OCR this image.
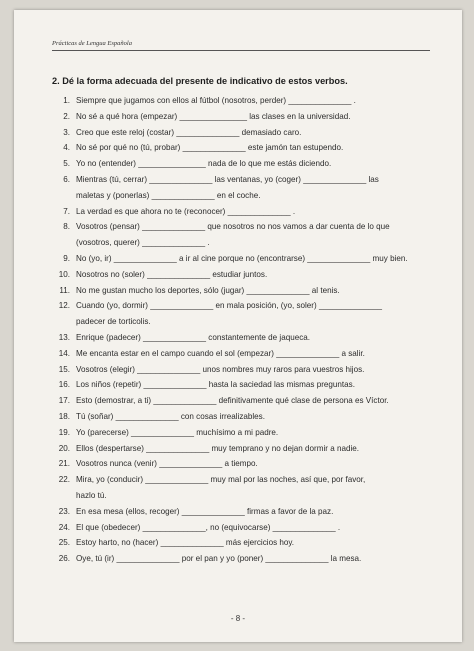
Prácticas de Lengua Española
2. Dé la forma adecuada del presente de indicativo de estos verbos.
1. Siempre que jugamos con ellos al fútbol (nosotros, perder) ______________ .
2. No sé a qué hora (empezar) _______________ las clases en la universidad.
3. Creo que este reloj (costar) ______________ demasiado caro.
4. No sé por qué no (tú, probar) ______________ este jamón tan estupendo.
5. Yo no (entender) _______________ nada de lo que me estás diciendo.
6. Mientras (tú, cerrar) ______________ las ventanas, yo (coger) ______________ las
maletas y (ponerlas) ______________ en el coche.
7. La verdad es que ahora no te (reconocer) ______________ .
8. Vosotros (pensar) ______________ que nosotros no nos vamos a dar cuenta de lo que
(vosotros, querer) ______________ .
9. No (yo, ir) ______________ a ir al cine porque no (encontrarse) ______________ muy bien.
10. Nosotros no (soler) ______________ estudiar juntos.
11. No me gustan mucho los deportes, sólo (jugar) ______________ al tenis.
12. Cuando (yo, dormir) ______________ en mala posición, (yo, soler) ______________
padecer de torticolis.
13. Enrique (padecer) ______________ constantemente de jaqueca.
14. Me encanta estar en el campo cuando el sol (empezar) ______________ a salir.
15. Vosotros (elegir) ______________ unos nombres muy raros para vuestros hijos.
16. Los niños (repetir) ______________ hasta la saciedad las mismas preguntas.
17. Esto (demostrar, a ti) ______________ definitivamente qué clase de persona es Víctor.
18. Tú (soñar) ______________ con cosas irrealizables.
19. Yo (parecerse) ______________ muchísimo a mi padre.
20. Ellos (despertarse) ______________ muy temprano y no dejan dormir a nadie.
21. Vosotros nunca (venir) ______________ a tiempo.
22. Mira, yo (conducir) ______________ muy mal por las noches, así que, por favor,
hazlo tú.
23. En esa mesa (ellos, recoger) ______________ firmas a favor de la paz.
24. El que (obedecer) ______________, no (equivocarse) ______________ .
25. Estoy harto, no (hacer) ______________ más ejercicios hoy.
26. Oye, tú (ir) ______________ por el pan y yo (poner) ______________ la mesa.
- 8 -
